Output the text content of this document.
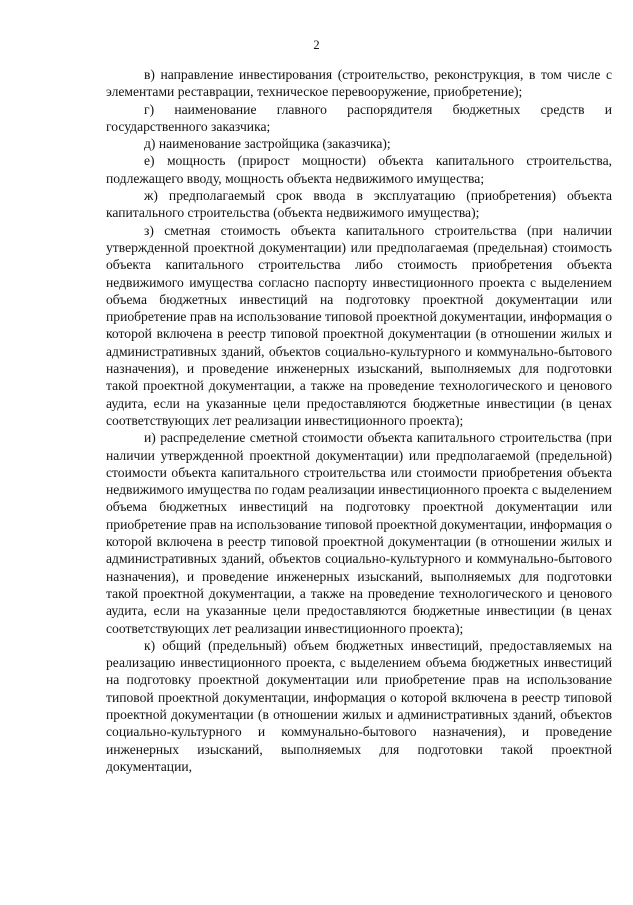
2

в) направление инвестирования (строительство, реконструкция, в том числе с элементами реставрации, техническое перевооружение, приобретение);

г) наименование главного распорядителя бюджетных средств и государственного заказчика;

д) наименование застройщика (заказчика);

е) мощность (прирост мощности) объекта капитального строительства, подлежащего вводу, мощность объекта недвижимого имущества;

ж) предполагаемый срок ввода в эксплуатацию (приобретения) объекта капитального строительства (объекта недвижимого имущества);

з) сметная стоимость объекта капитального строительства (при наличии утвержденной проектной документации) или предполагаемая (предельная) стоимость объекта капитального строительства либо стоимость приобретения объекта недвижимого имущества согласно паспорту инвестиционного проекта с выделением объема бюджетных инвестиций на подготовку проектной документации или приобретение прав на использование типовой проектной документации, информация о которой включена в реестр типовой проектной документации (в отношении жилых и административных зданий, объектов социально-культурного и коммунально-бытового назначения), и проведение инженерных изысканий, выполняемых для подготовки такой проектной документации, а также на проведение технологического и ценового аудита, если на указанные цели предоставляются бюджетные инвестиции (в ценах соответствующих лет реализации инвестиционного проекта);

и) распределение сметной стоимости объекта капитального строительства (при наличии утвержденной проектной документации) или предполагаемой (предельной) стоимости объекта капитального строительства или стоимости приобретения объекта недвижимого имущества по годам реализации инвестиционного проекта с выделением объема бюджетных инвестиций на подготовку проектной документации или приобретение прав на использование типовой проектной документации, информация о которой включена в реестр типовой проектной документации (в отношении жилых и административных зданий, объектов социально-культурного и коммунально-бытового назначения), и проведение инженерных изысканий, выполняемых для подготовки такой проектной документации, а также на проведение технологического и ценового аудита, если на указанные цели предоставляются бюджетные инвестиции (в ценах соответствующих лет реализации инвестиционного проекта);

к) общий (предельный) объем бюджетных инвестиций, предоставляемых на реализацию инвестиционного проекта, с выделением объема бюджетных инвестиций на подготовку проектной документации или приобретение прав на использование типовой проектной документации, информация о которой включена в реестр типовой проектной документации (в отношении жилых и административных зданий, объектов социально-культурного и коммунально-бытового назначения), и проведение инженерных изысканий, выполняемых для подготовки такой проектной документации,
